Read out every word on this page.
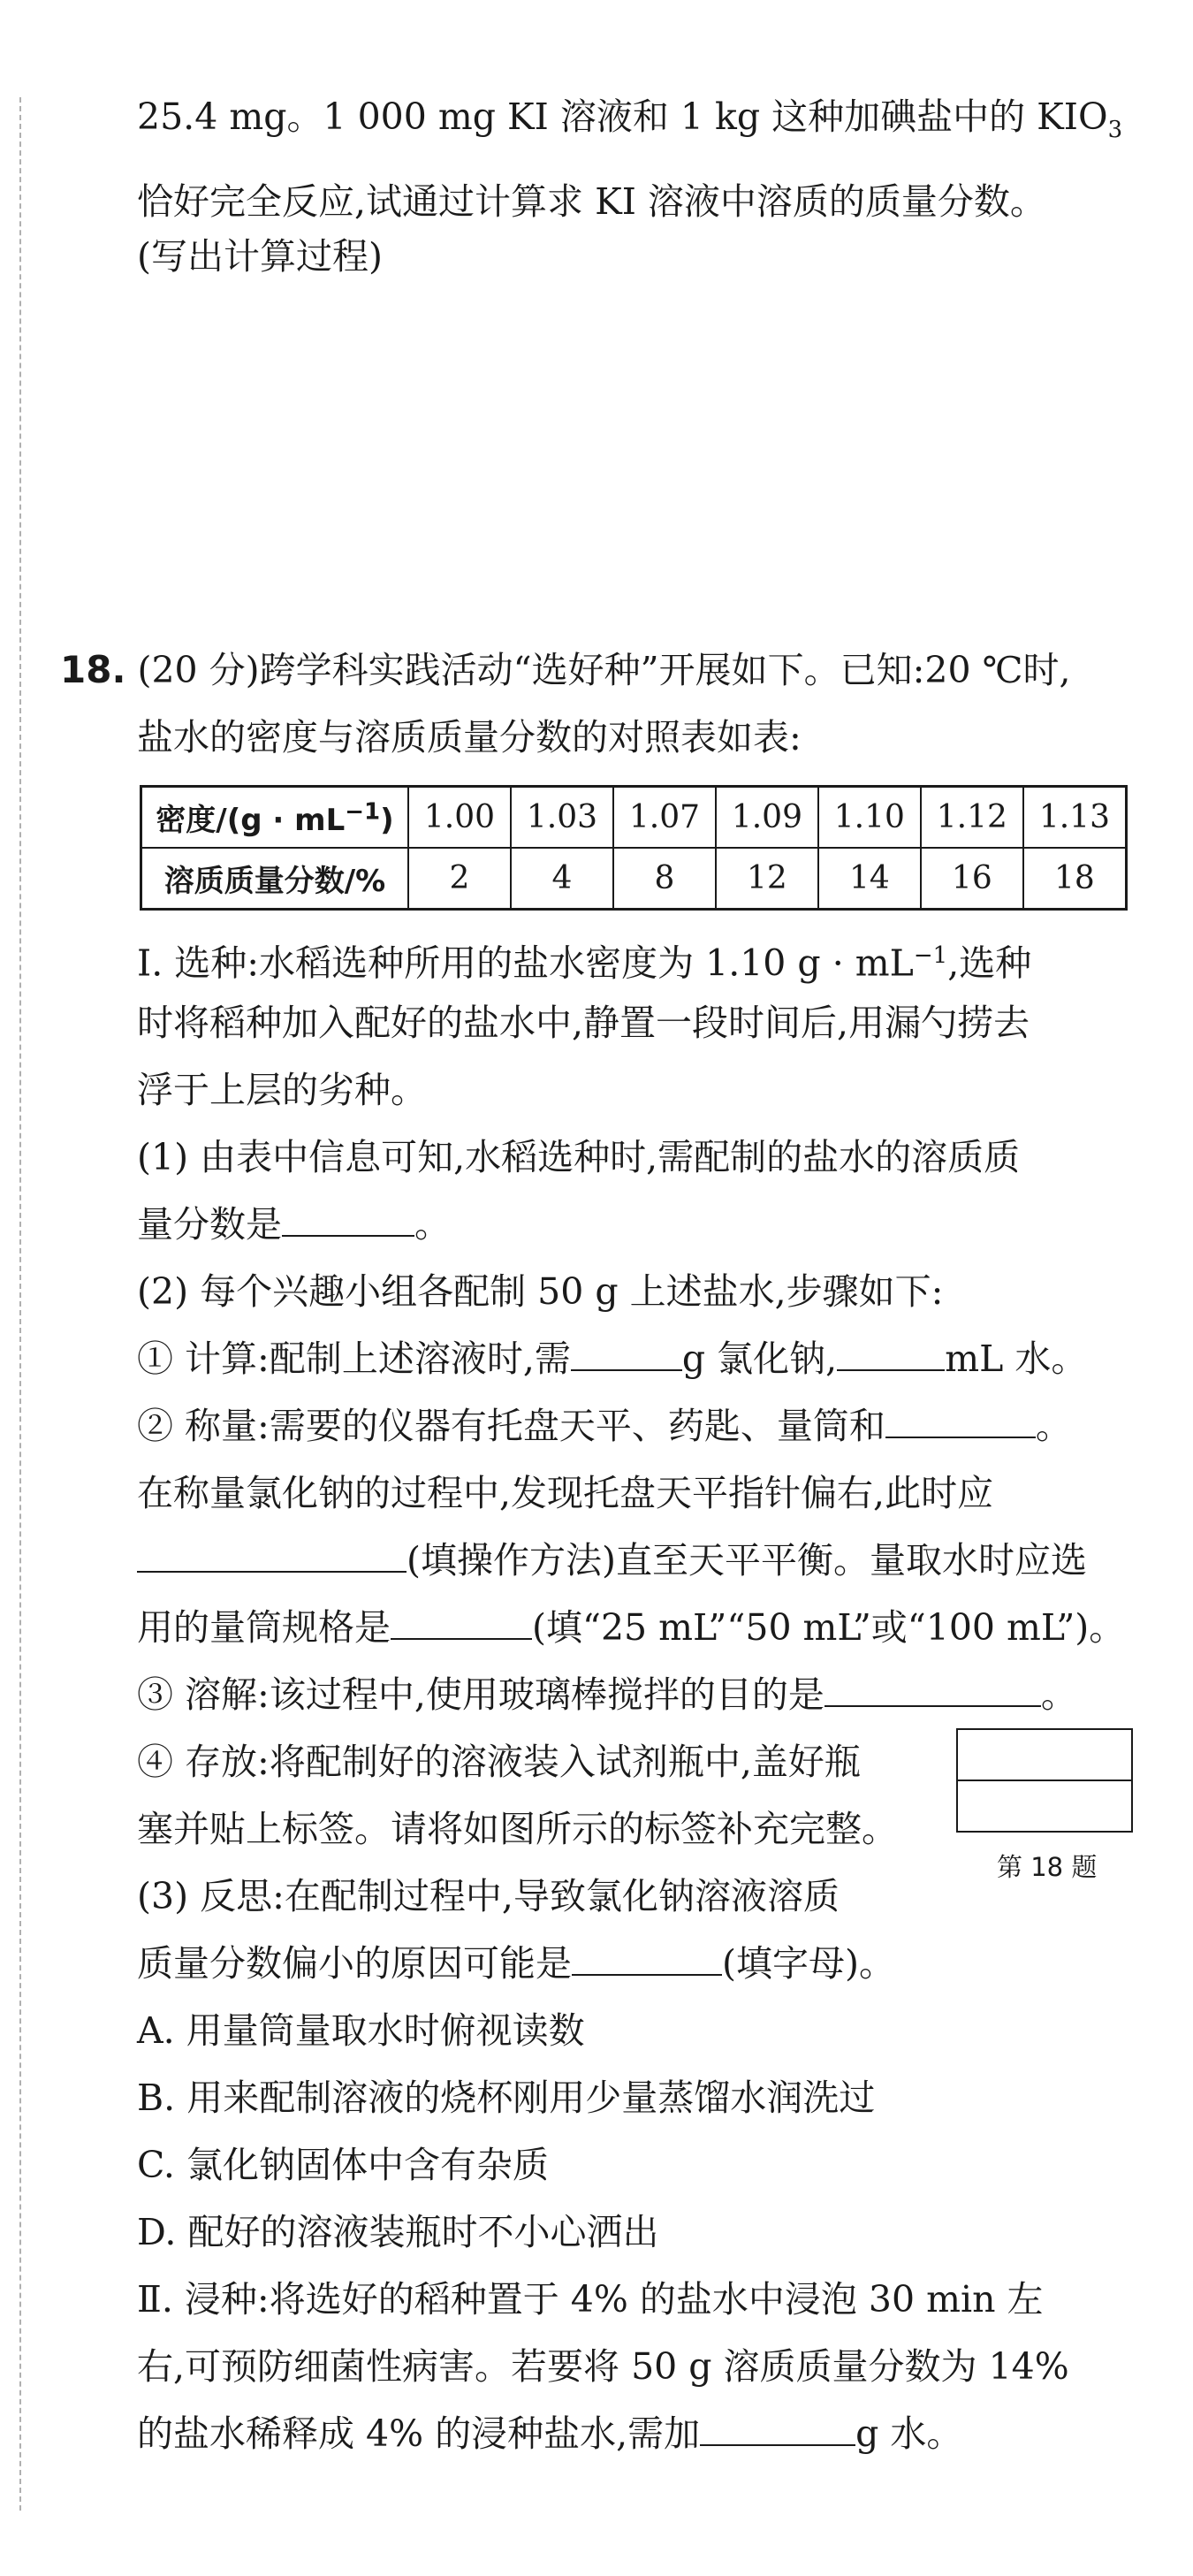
25.4 mg。1 000 mg KI 溶液和 1 kg 这种加碘盐中的 $KIO_3$
恰好完全反应,试通过计算求 KI 溶液中溶质的质量分数。
(写出计算过程)
18. (20 分)跨学科实践活动“选好种”开展如下。已知:20 ℃时,
盐水的密度与溶质质量分数的对照表如表:
密度$/(g \cdot mL^{-1})$	1.00	1.03	1.07	1.09	1.10	1.12	1.13
溶质质量分数/%	2	4	8	12	14	16	18
Ⅰ. 选种:水稻选种所用的盐水密度为 1.10 $g \cdot mL^{-1}$,选种
时将稻种加入配好的盐水中,静置一段时间后,用漏勺捞去
浮于上层的劣种。
(1) 由表中信息可知,水稻选种时,需配制的盐水的溶质质
量分数是	。
(2) 每个兴趣小组各配制 50 g 上述盐水,步骤如下:
① 计算:配制上述溶液时,需	g 氯化钠,	mL 水。
② 称量:需要的仪器有托盘天平、药匙、量筒和	。
在称量氯化钠的过程中,发现托盘天平指针偏右,此时应
(填操作方法)直至天平平衡。量取水时应选
用的量筒规格是	(填“25 mL”“50 mL”或“100 mL”)。
③ 溶解:该过程中,使用玻璃棒搅拌的目的是	。
④ 存放:将配制好的溶液装入试剂瓶中,盖好瓶
塞并贴上标签。请将如图所示的标签补充完整。
第 18 题
(3) 反思:在配制过程中,导致氯化钠溶液溶质
质量分数偏小的原因可能是	(填字母)。
A. 用量筒量取水时俯视读数
B. 用来配制溶液的烧杯刚用少量蒸馏水润洗过
C. 氯化钠固体中含有杂质
D. 配好的溶液装瓶时不小心洒出
Ⅱ. 浸种:将选好的稻种置于 4% 的盐水中浸泡 30 min 左
右,可预防细菌性病害。若要将 50 g 溶质质量分数为 14%
的盐水稀释成 4% 的浸种盐水,需加	g 水。
